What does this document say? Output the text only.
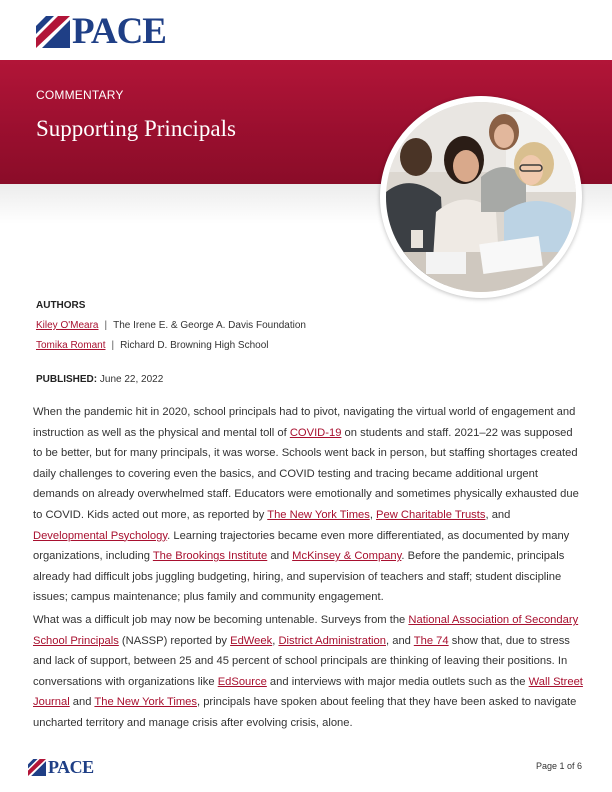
PACE
COMMENTARY
Supporting Principals
AUTHORS
Kiley O'Meara | The Irene E. & George A. Davis Foundation
Tomika Romant | Richard D. Browning High School
PUBLISHED: June 22, 2022

When the pandemic hit in 2020, school principals had to pivot, navigating the virtual world of engagement and instruction as well as the physical and mental toll of COVID-19 on students and staff. 2021–22 was supposed to be better, but for many principals, it was worse. Schools went back in person, but staffing shortages created daily challenges to covering even the basics, and COVID testing and tracing became additional urgent demands on already overwhelmed staff. Educators were emotionally and sometimes physically exhausted due to COVID. Kids acted out more, as reported by The New York Times, Pew Charitable Trusts, and Developmental Psychology. Learning trajectories became even more differentiated, as documented by many organizations, including The Brookings Institute and McKinsey & Company. Before the pandemic, principals already had difficult jobs juggling budgeting, hiring, and supervision of teachers and staff; student discipline issues; campus maintenance; plus family and community engagement.

What was a difficult job may now be becoming untenable. Surveys from the National Association of Secondary School Principals (NASSP) reported by EdWeek, District Administration, and The 74 show that, due to stress and lack of support, between 25 and 45 percent of school principals are thinking of leaving their positions. In conversations with organizations like EdSource and interviews with major media outlets such as the Wall Street Journal and The New York Times, principals have spoken about feeling that they have been asked to navigate uncharted territory and manage crisis after evolving crisis, alone.

PACE	Page 1 of 6
